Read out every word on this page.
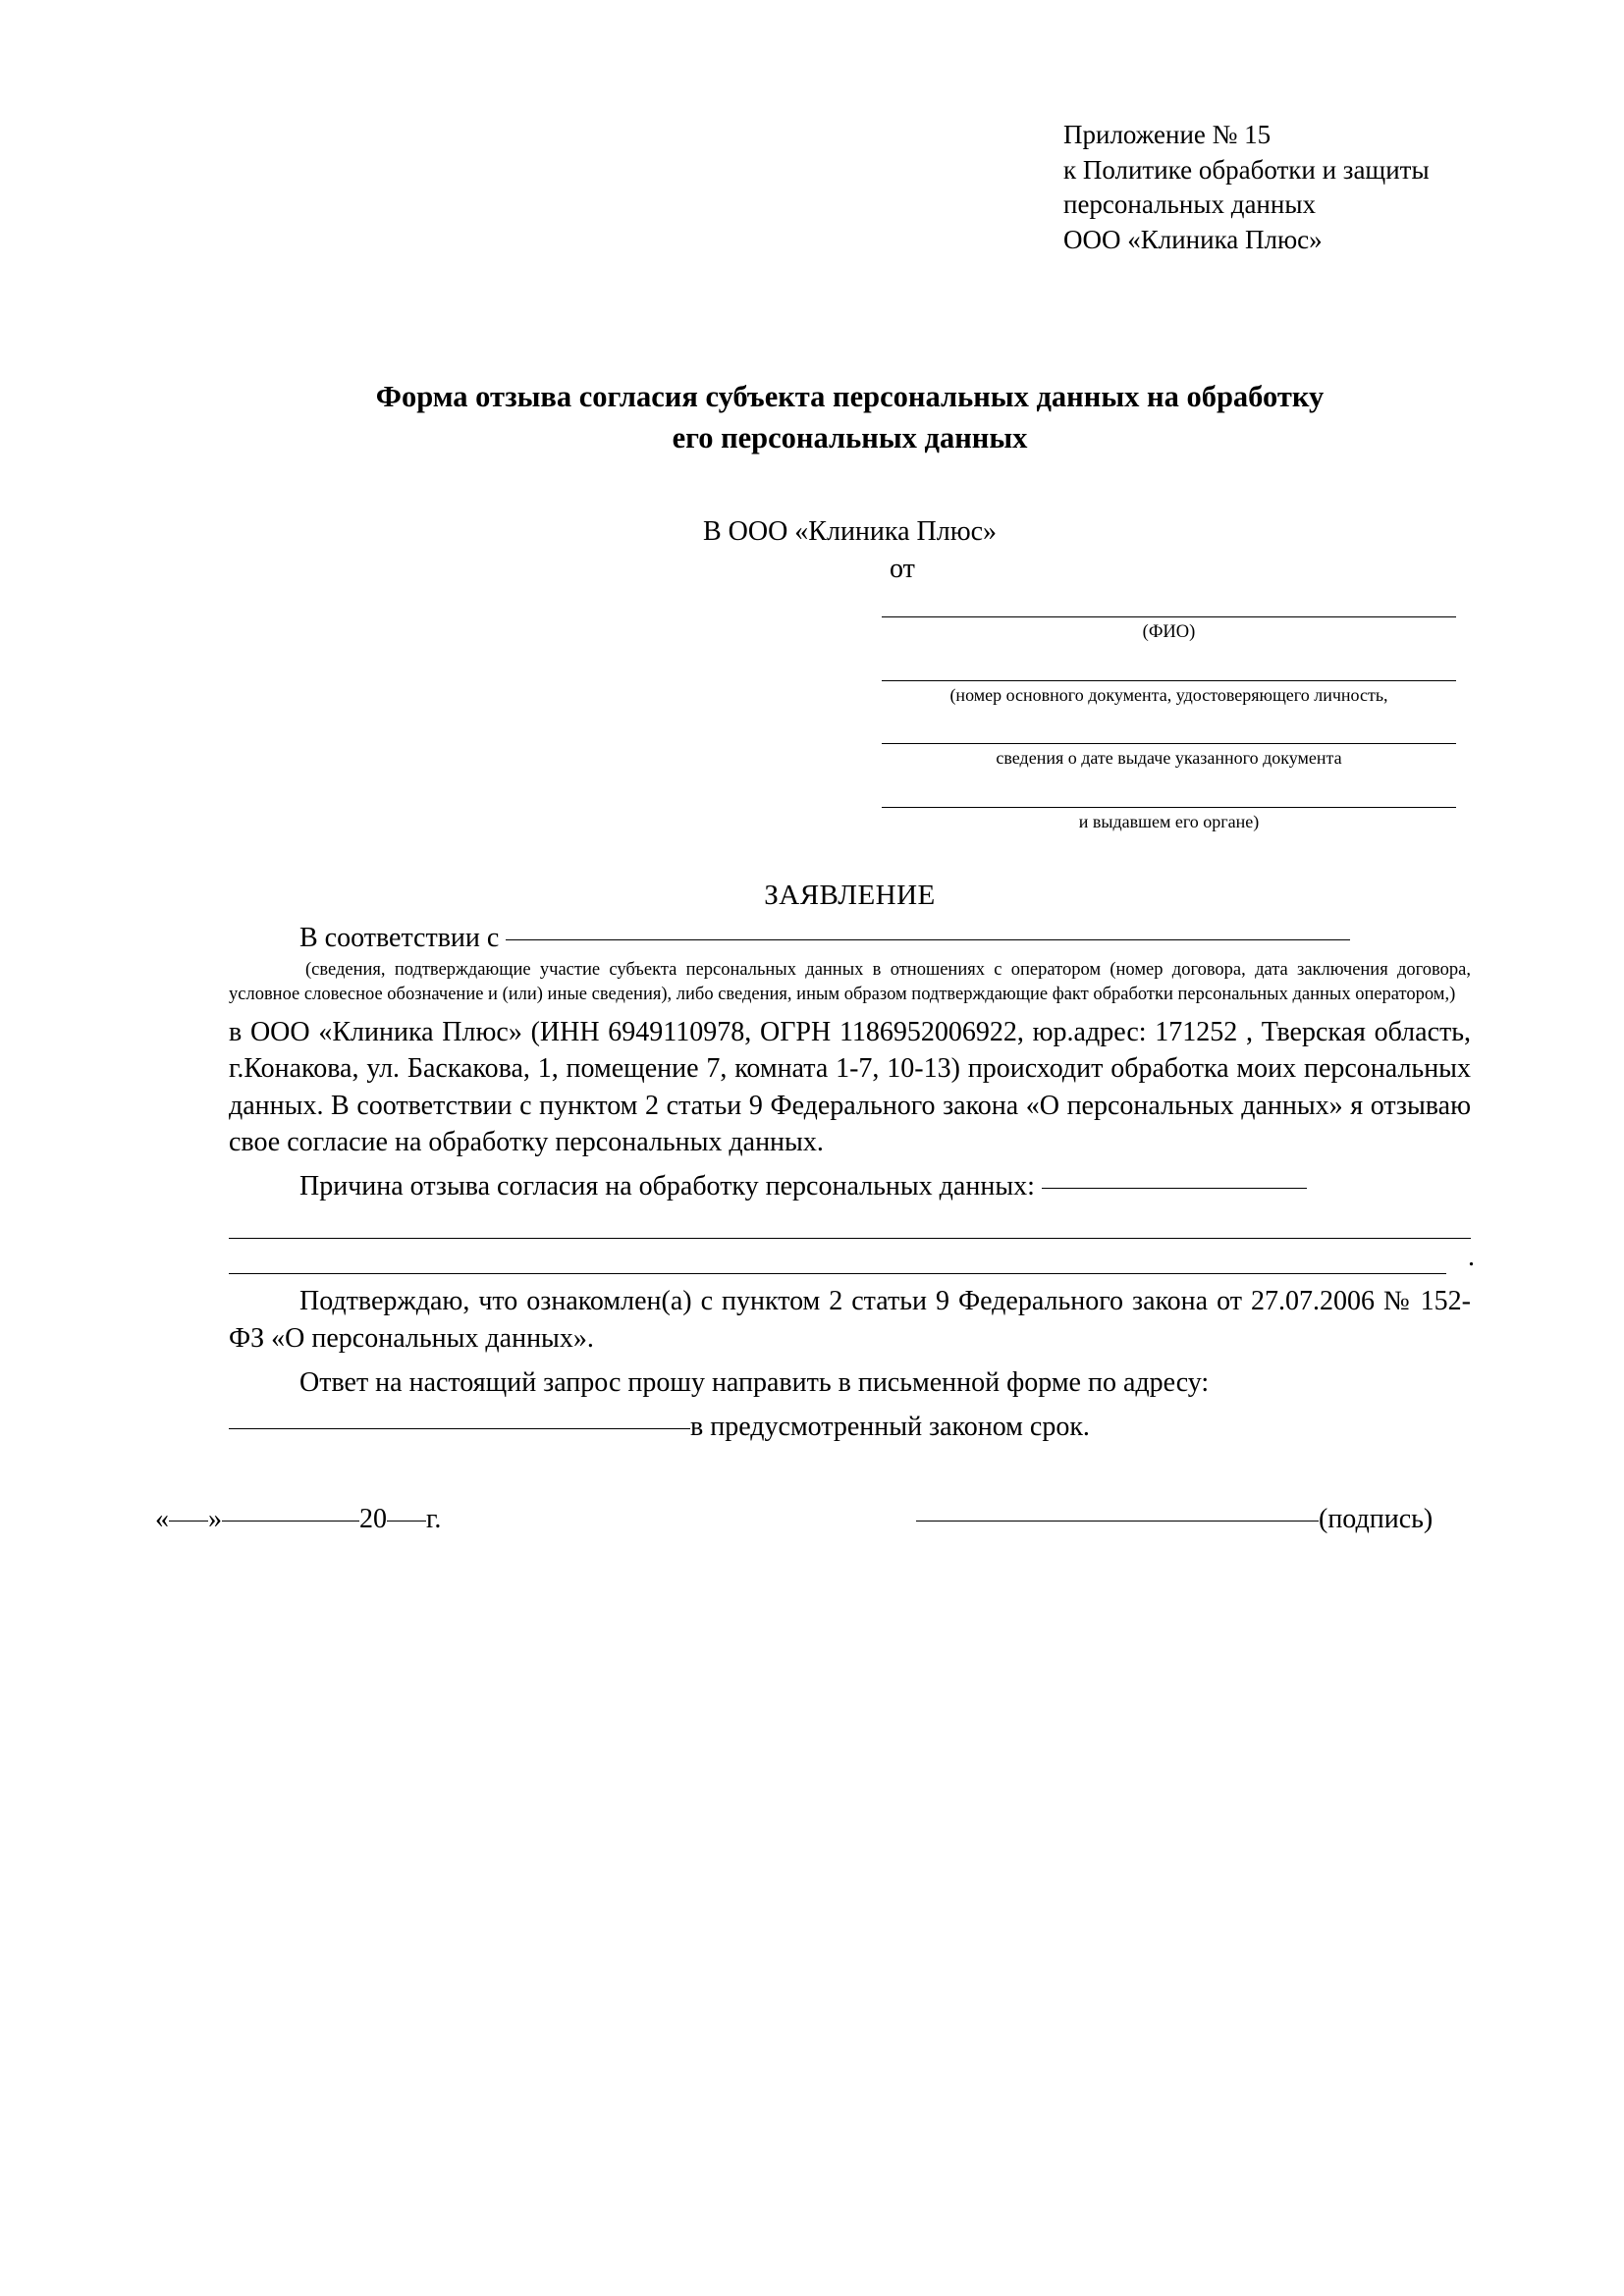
Приложение № 15
к Политике обработки и защиты
персональных данных
ООО «Клиника Плюс»
Форма отзыва согласия субъекта персональных данных на обработку
его персональных данных
В ООО «Клиника Плюс»
от
(ФИО)
(номер основного документа, удостоверяющего личность,
сведения о дате выдаче указанного документа
и выдавшем его органе)
ЗАЯВЛЕНИЕ
В соответствии с
(сведения, подтверждающие участие субъекта персональных данных в отношениях с оператором (номер договора, дата заключения договора, условное словесное обозначение и (или) иные сведения), либо сведения, иным образом подтверждающие факт обработки персональных данных оператором,)
в ООО «Клиника Плюс» (ИНН 6949110978, ОГРН 1186952006922, юр.адрес: 171252 , Тверская область, г.Конакова, ул. Баскакова, 1, помещение 7, комната 1-7, 10-13) происходит обработка моих персональных данных. В соответствии с пунктом 2 статьи 9 Федерального закона «О персональных данных» я отзываю свое согласие на обработку персональных данных.
Причина отзыва согласия на обработку персональных данных:
.
Подтверждаю, что ознакомлен(а) с пунктом 2 статьи 9 Федерального закона от 27.07.2006 № 152-ФЗ «О персональных данных».
Ответ на настоящий запрос прошу направить в письменной форме по адресу:
в предусмотренный законом срок.
« »	20 г.	(подпись)
